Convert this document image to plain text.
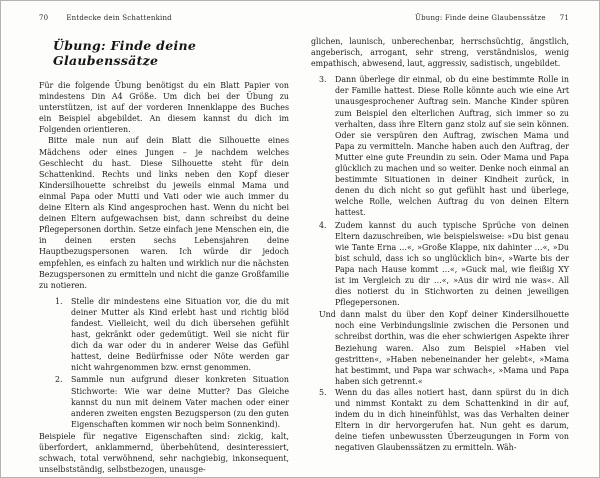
70	Entdecke dein Schattenkind
Übung: Finde deine Glaubenssätze

Für die folgende Übung benötigst du ein Blatt Papier von mindestens Din A4 Größe. Um dich bei der Übung zu unterstützen, ist auf der vorderen Innenklappe des Buches ein Beispiel abgebildet. An diesem kannst du dich im Folgenden orientieren.

Bitte male nun auf dein Blatt die Silhouette eines Mädchens oder eines Jungen – je nachdem welches Geschlecht du hast. Diese Silhouette steht für dein Schattenkind. Rechts und links neben den Kopf dieser Kindersilhouette schreibst du jeweils einmal Mama und einmal Papa oder Mutti und Vati oder wie auch immer du deine Eltern als Kind angesprochen hast. Wenn du nicht bei deinen Eltern aufgewachsen bist, dann schreibst du deine Pflegepersonen dorthin. Setze einfach jene Menschen ein, die in deinen ersten sechs Lebensjahren deine Hauptbezugspersonen waren. Ich würde dir jedoch empfehlen, es einfach zu halten und wirklich nur die nächsten Bezugspersonen zu ermitteln und nicht die ganze Großfamilie zu notieren.

1. Stelle dir mindestens eine Situation vor, die du mit deiner Mutter als Kind erlebt hast und richtig blöd fandest. Vielleicht, weil du dich übersehen gefühlt hast, gekränkt oder gedemütigt. Weil sie nicht für dich da war oder du in anderer Weise das Gefühl hattest, deine Bedürfnisse oder Nöte werden gar nicht wahrgenommen bzw. ernst genommen.
2. Sammle nun aufgrund dieser konkreten Situation Stichworte: Wie war deine Mutter? Das Gleiche kannst du nun mit deinem Vater machen oder einer anderen zweiten engsten Bezugsperson (zu den guten Eigenschaften kommen wir noch beim Sonnenkind).

Beispiele für negative Eigenschaften sind: zickig, kalt, überfordert, anklammernd, überbehütend, desinteressiert, schwach, total verwöhnend, sehr nachgiebig, inkonsequent, unselbstständig, selbstbezogen, unausge-

Übung: Finde deine Glaubenssätze 71

glichen, launisch, unberechenbar, herrschsüchtig, ängstlich, angeberisch, arrogant, sehr streng, verständnislos, wenig empathisch, abwesend, laut, aggressiv, sadistisch, ungebildet.

3. Dann überlege dir einmal, ob du eine bestimmte Rolle in der Familie hattest. Diese Rolle könnte auch wie eine Art unausgesprochener Auftrag sein. Manche Kinder spüren zum Beispiel den elterlichen Auftrag, sich immer so zu verhalten, dass ihre Eltern ganz stolz auf sie sein können. Oder sie verspüren den Auftrag, zwischen Mama und Papa zu vermitteln. Manche haben auch den Auftrag, der Mutter eine gute Freundin zu sein. Oder Mama und Papa glücklich zu machen und so weiter. Denke noch einmal an bestimmte Situationen in deiner Kindheit zurück, in denen du dich nicht so gut gefühlt hast und überlege, welche Rolle, welchen Auftrag du von deinen Eltern hattest.
4. Zudem kannst du auch typische Sprüche von deinen Eltern dazuschreiben, wie beispielsweise: »Du bist genau wie Tante Erna …«, »Große Klappe, nix dahinter …«, »Du bist schuld, dass ich so unglücklich bin«, »Warte bis der Papa nach Hause kommt …«, »Guck mal, wie fleißig XY ist im Vergleich zu dir …«, »Aus dir wird nie was«. All dies notierst du in Stichworten zu deinen jeweiligen Pflegepersonen.

Und dann malst du über den Kopf deiner Kindersilhouette noch eine Verbindungslinie zwischen die Personen und schreibst dorthin, was die eher schwierigen Aspekte ihrer Beziehung waren. Also zum Beispiel »Haben viel gestritten«, »Haben nebeneinander her gelebt«, »Mama hat bestimmt, und Papa war schwach«, »Mama und Papa haben sich getrennt.«

5. Wenn du das alles notiert hast, dann spürst du in dich und nimmst Kontakt zu dem Schattenkind in dir auf, indem du in dich hineinfühlst, was das Verhalten deiner Eltern in dir hervorgerufen hat. Nun geht es darum, deine tiefen unbewussten Überzeugungen in Form von negativen Glaubenssätzen zu ermitteln. Wäh-
